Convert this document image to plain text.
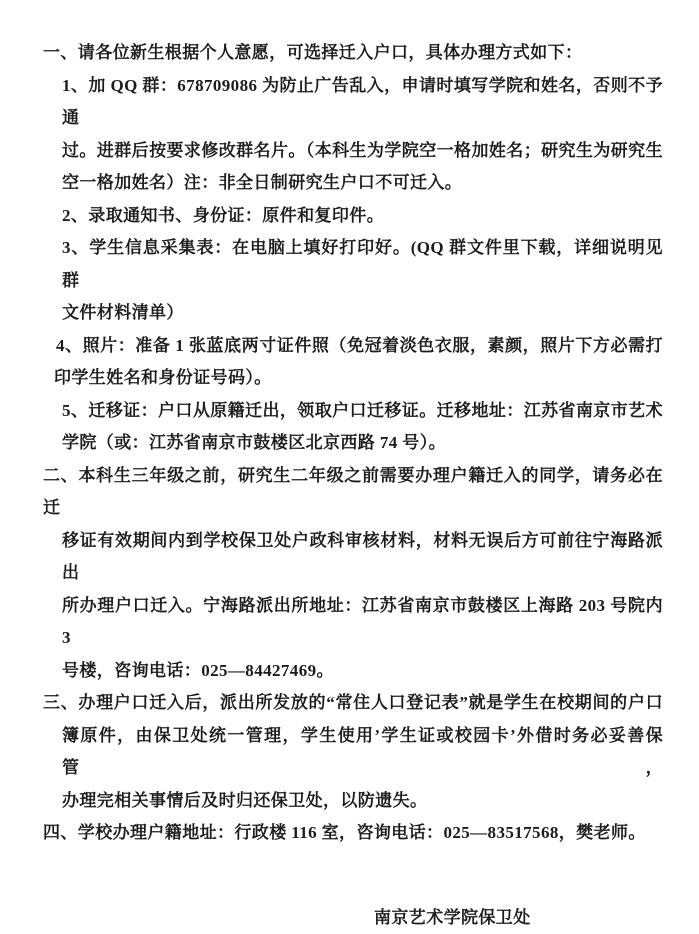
一、请各位新生根据个人意愿，可选择迁入户口，具体办理方式如下：
1、加 QQ 群：678709086 为防止广告乱入，申请时填写学院和姓名，否则不予通
过。进群后按要求修改群名片。（本科生为学院空一格加姓名；研究生为研究生
空一格加姓名）注：非全日制研究生户口不可迁入。
2、录取通知书、身份证：原件和复印件。
3、学生信息采集表：在电脑上填好打印好。(QQ 群文件里下载，详细说明见群
文件材料清单）
4、照片：准备 1 张蓝底两寸证件照（免冠着淡色衣服，素颜，照片下方必需打
印学生姓名和身份证号码）。
5、迁移证：户口从原籍迁出，领取户口迁移证。迁移地址：江苏省南京市艺术
学院（或：江苏省南京市鼓楼区北京西路 74 号）。
二、本科生三年级之前，研究生二年级之前需要办理户籍迁入的同学，请务必在迁
移证有效期间内到学校保卫处户政科审核材料，材料无误后方可前往宁海路派出
所办理户口迁入。宁海路派出所地址：江苏省南京市鼓楼区上海路 203 号院内 3
号楼，咨询电话：025—84427469。
三、办理户口迁入后，派出所发放的“常住人口登记表”就是学生在校期间的户口
簿原件，由保卫处统一管理，学生使用’学生证或校园卡’外借时务必妥善保管，
办理完相关事情后及时归还保卫处，以防遗失。
四、学校办理户籍地址：行政楼 116 室，咨询电话：025—83517568，樊老师。
南京艺术学院保卫处
